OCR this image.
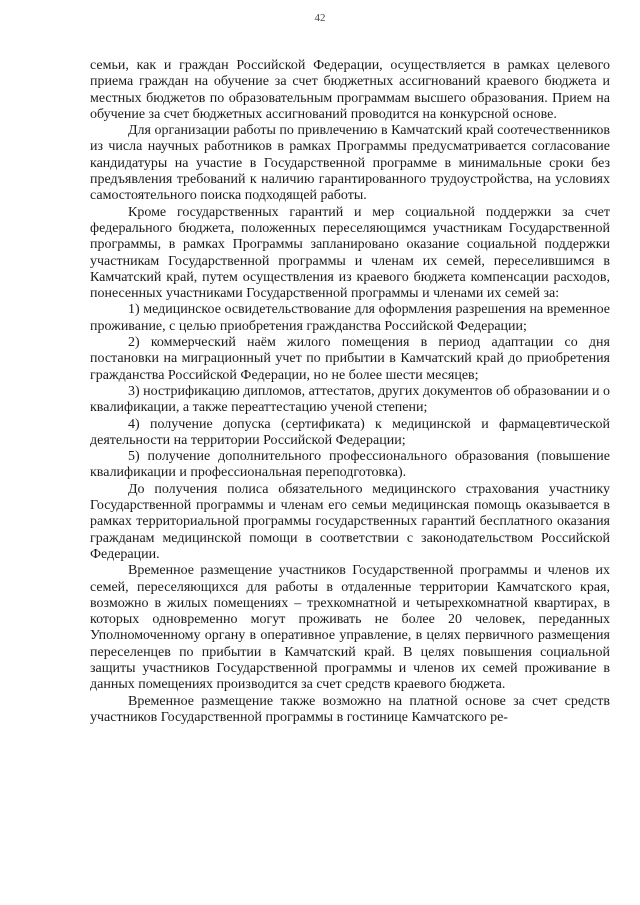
42

семьи, как и граждан Российской Федерации, осуществляется в рамках целевого приема граждан на обучение за счет бюджетных ассигнований краевого бюджета и местных бюджетов по образовательным программам высшего образования. Прием на обучение за счет бюджетных ассигнований проводится на конкурсной основе.

Для организации работы по привлечению в Камчатский край соотечественников из числа научных работников в рамках Программы предусматривается согласование кандидатуры на участие в Государственной программе в минимальные сроки без предъявления требований к наличию гарантированного трудоустройства, на условиях самостоятельного поиска подходящей работы.

Кроме государственных гарантий и мер социальной поддержки за счет федерального бюджета, положенных переселяющимся участникам Государственной программы, в рамках Программы запланировано оказание социальной поддержки участникам Государственной программы и членам их семей, переселившимся в Камчатский край, путем осуществления из краевого бюджета компенсации расходов, понесенных участниками Государственной программы и членами их семей за:

1) медицинское освидетельствование для оформления разрешения на временное проживание, с целью приобретения гражданства Российской Федерации;

2) коммерческий наём жилого помещения в период адаптации со дня постановки на миграционный учет по прибытии в Камчатский край до приобретения гражданства Российской Федерации, но не более шести месяцев;

3) нострификацию дипломов, аттестатов, других документов об образовании и о квалификации, а также переаттестацию ученой степени;

4) получение допуска (сертификата) к медицинской и фармацевтической деятельности на территории Российской Федерации;

5) получение дополнительного профессионального образования (повышение квалификации и профессиональная переподготовка).

До получения полиса обязательного медицинского страхования участнику Государственной программы и членам его семьи медицинская помощь оказывается в рамках территориальной программы государственных гарантий бесплатного оказания гражданам медицинской помощи в соответствии с законодательством Российской Федерации.

Временное размещение участников Государственной программы и членов их семей, переселяющихся для работы в отдаленные территории Камчатского края, возможно в жилых помещениях – трехкомнатной и четырехкомнатной квартирах, в которых одновременно могут проживать не более 20 человек, переданных Уполномоченному органу в оперативное управление, в целях первичного размещения переселенцев по прибытии в Камчатский край. В целях повышения социальной защиты участников Государственной программы и членов их семей проживание в данных помещениях производится за счет средств краевого бюджета.

Временное размещение также возможно на платной основе за счет средств участников Государственной программы в гостинице Камчатского ре-
